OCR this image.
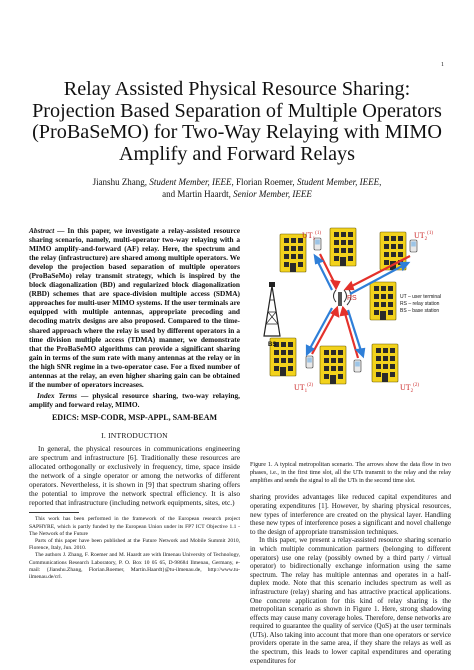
1
Relay Assisted Physical Resource Sharing: Projection Based Separation of Multiple Operators (ProBaSeMO) for Two-Way Relaying with MIMO Amplify and Forward Relays
Jianshu Zhang, Student Member, IEEE, Florian Roemer, Student Member, IEEE,
and Martin Haardt, Senior Member, IEEE

Abstract — In this paper, we investigate a relay-assisted resource sharing scenario, namely, multi-operator two-way relaying with a MIMO amplify-and-forward (AF) relay. Here, the spectrum and the relay (infrastructure) are shared among multiple operators. We develop the projection based separation of multiple operators (ProBaSeMo) relay transmit strategy, which is inspired by the block diagonalization (BD) and regularized block diagonalization (RBD) schemes that are space-division multiple access (SDMA) approaches for multi-user MIMO systems. If the user terminals are equipped with multiple antennas, appropriate precoding and decoding matrix designs are also proposed. Compared to the time-shared approach where the relay is used by different operators in a time division multiple access (TDMA) manner, we demonstrate that the ProBaSeMO algorithms can provide a significant sharing gain in terms of the sum rate with many antennas at the relay or in the high SNR regime in a two-operator case. For a fixed number of antennas at the relay, an even higher sharing gain can be obtained if the number of operators increases.

Index Terms — physical resource sharing, two-way relaying, amplify and forward relay, MIMO.

EDICS: MSP-CODR, MSP-APPL, SAM-BEAM

I. INTRODUCTION

In general, the physical resources in communications engineering are spectrum and infrastructure [6]. Traditionally these resources are allocated orthogonally or exclusively in frequency, time, space inside the network of a single operator or among the networks of different operators. Nevertheless, it is shown in [9] that spectrum sharing offers the potential to improve the network spectral efficiency. It is also reported that infrastructure (including network equipments, sites, etc.)

This work has been performed in the framework of the European research project SAPHYRE, which is partly funded by the European Union under its FP7 ICT Objective 1.1 - The Network of the Future

Parts of this paper have been published at the Future Network and Mobile Summit 2010, Florence, Italy, Jun. 2010.

The authors J. Zhang, F. Roemer and M. Haardt are with Ilmenau University of Technology, Communications Research Laboratory, P. O. Box 10 05 65, D-98684 Ilmenau, Germany, e-mail: {Jianshu.Zhang, Florian.Roemer, Martin.Haardt}@tu-ilmenau.de, http://www.tu-ilmenau.de/crl.

$UT_1^{(1)}$	$UT_2^{(1)}$
$UT_1^{(2)}$	$UT_2^{(2)}$
RS
BS
UT – user terminal
RS – relay station
BS – base station

Figure 1. A typical metropolitan scenario. The arrows show the data flow in two phases, i.e., in the first time slot, all the UTs transmit to the relay and the relay amplifies and sends the signal to all the UTs in the second time slot.

sharing provides advantages like reduced capital expenditures and operating expenditures [1]. However, by sharing physical resources, new types of interference are created on the physical layer. Handling these new types of interference poses a significant and novel challenge to the design of appropriate transmission techniques.

In this paper, we present a relay-assisted resource sharing scenario in which multiple communication partners (belonging to different operators) use one relay (possibly owned by a third party / virtual operator) to bidirectionally exchange information using the same spectrum. The relay has multiple antennas and operates in a half-duplex mode. Note that this scenario includes spectrum as well as infrastructure (relay) sharing and has attractive practical applications. One concrete application for this kind of relay sharing is the metropolitan scenario as shown in Figure 1. Here, strong shadowing effects may cause many coverage holes. Therefore, dense networks are required to guarantee the quality of service (QoS) at the user terminals (UTs). Also taking into account that more than one operators or service providers operate in the same area, if they share the relays as well as the spectrum, this leads to lower capital expenditures and operating expenditures for
